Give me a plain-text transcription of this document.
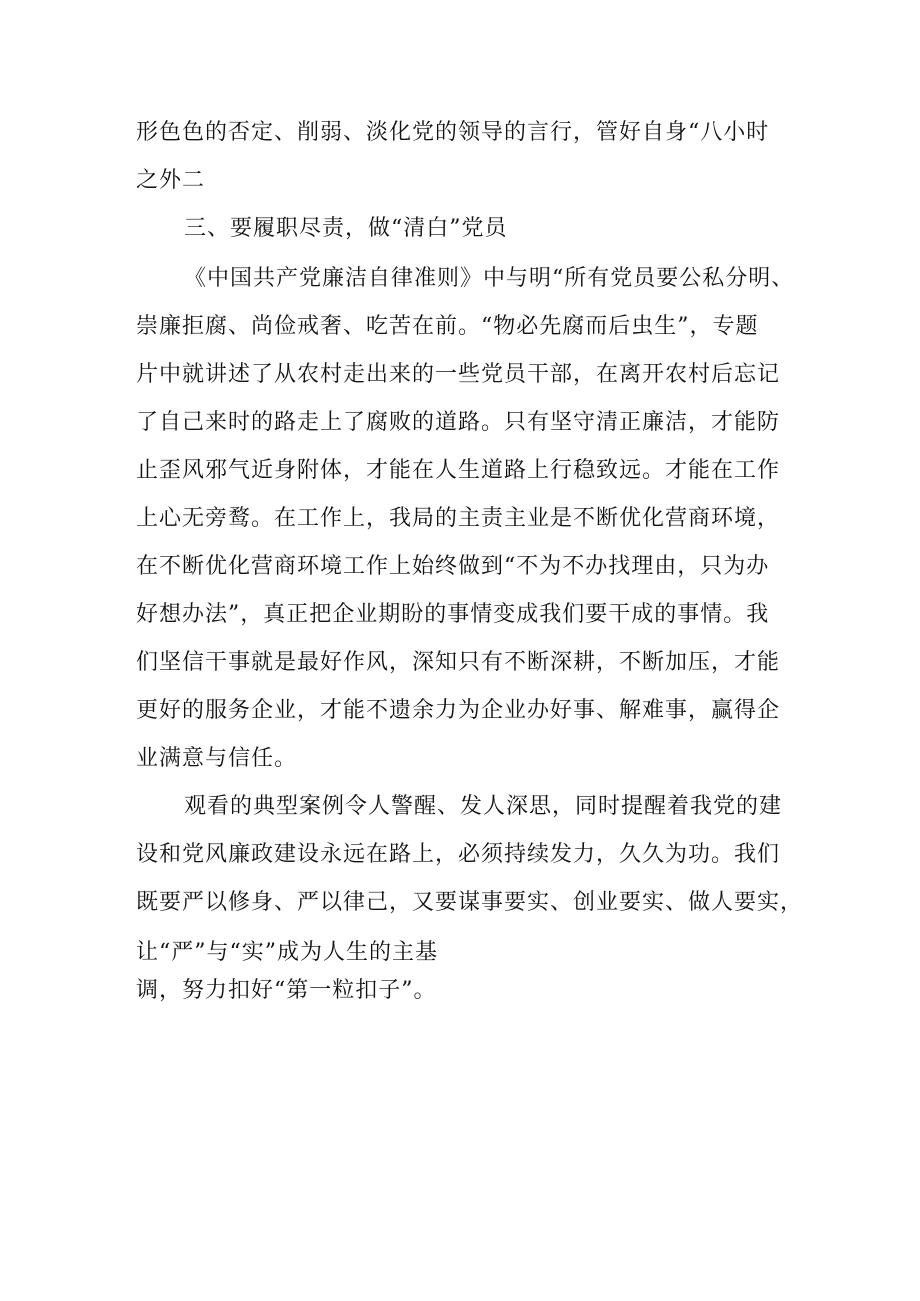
形色色的否定、削弱、淡化党的领导的言行，管好自身“八小时
之外二
三、要履职尽责，做“清白”党员
《中国共产党廉洁自律准则》中与明“所有党员要公私分明、
崇廉拒腐、尚俭戒奢、吃苦在前。“物必先腐而后虫生”，专题
片中就讲述了从农村走出来的一些党员干部，在离开农村后忘记
了自己来时的路走上了腐败的道路。只有坚守清正廉洁，才能防
止歪风邪气近身附体，才能在人生道路上行稳致远。才能在工作
上心无旁鹜。在工作上，我局的主责主业是不断优化营商环境，
在不断优化营商环境工作上始终做到“不为不办找理由，只为办
好想办法”，真正把企业期盼的事情变成我们要干成的事情。我
们坚信干事就是最好作风，深知只有不断深耕，不断加压，才能
更好的服务企业，才能不遗余力为企业办好事、解难事，赢得企
业满意与信任。
观看的典型案例令人警醒、发人深思，同时提醒着我党的建
设和党风廉政建设永远在路上，必须持续发力，久久为功。我们
既要严以修身、严以律己，又要谋事要实、创业要实、做人要实，
让“严”与“实”成为人生的主基
调，努力扣好“第一粒扣子”。
